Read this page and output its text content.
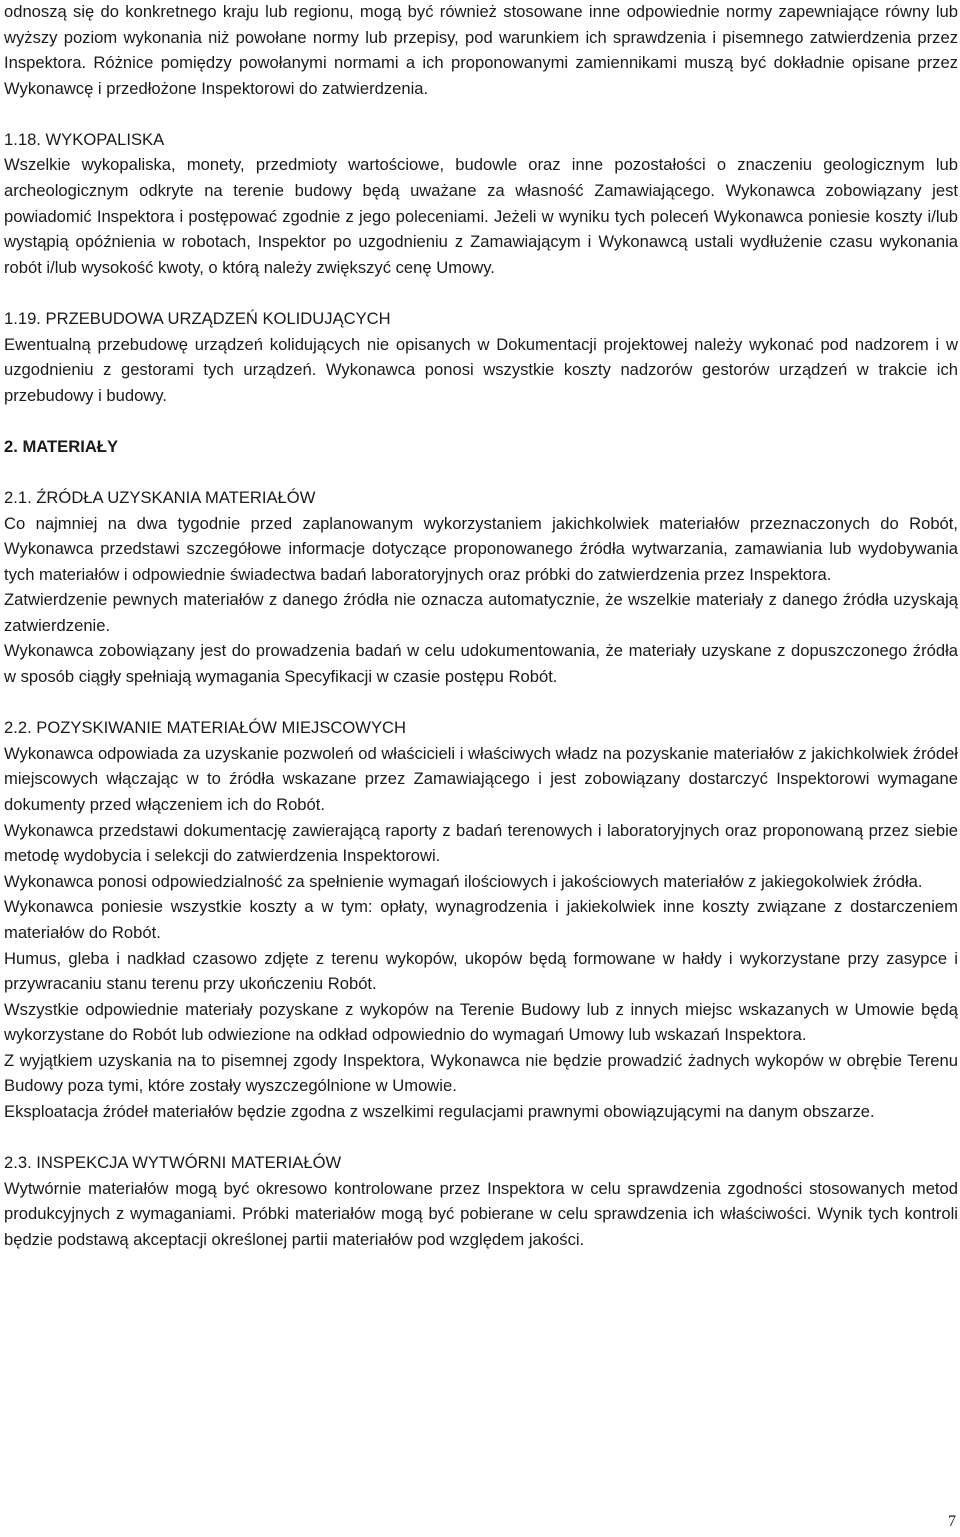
odnoszą się do konkretnego kraju lub regionu, mogą być również stosowane inne odpowiednie normy zapewniające równy lub wyższy poziom wykonania niż powołane normy lub przepisy, pod warunkiem ich sprawdzenia i pisemnego zatwierdzenia przez Inspektora. Różnice pomiędzy powołanymi normami a ich proponowanymi zamiennikami muszą być dokładnie opisane przez Wykonawcę i przedłożone Inspektorowi do zatwierdzenia.

1.18. WYKOPALISKA

Wszelkie wykopaliska, monety, przedmioty wartościowe, budowle oraz inne pozostałości o znaczeniu geologicznym lub archeologicznym odkryte na terenie budowy będą uważane za własność Zamawiającego. Wykonawca zobowiązany jest powiadomić Inspektora i postępować zgodnie z jego poleceniami. Jeżeli w wyniku tych poleceń Wykonawca poniesie koszty i/lub wystąpią opóźnienia w robotach, Inspektor po uzgodnieniu z Zamawiającym i Wykonawcą ustali wydłużenie czasu wykonania robót i/lub wysokość kwoty, o którą należy zwiększyć cenę Umowy.

1.19. PRZEBUDOWA URZĄDZEŃ KOLIDUJĄCYCH

Ewentualną przebudowę urządzeń kolidujących nie opisanych w Dokumentacji projektowej należy wykonać pod nadzorem i w uzgodnieniu z gestorami tych urządzeń. Wykonawca ponosi wszystkie koszty nadzorów gestorów urządzeń w trakcie ich przebudowy i budowy.

2. MATERIAŁY
2.1. ŹRÓDŁA UZYSKANIA MATERIAŁÓW

Co najmniej na dwa tygodnie przed zaplanowanym wykorzystaniem jakichkolwiek materiałów przeznaczonych do Robót, Wykonawca przedstawi szczegółowe informacje dotyczące proponowanego źródła wytwarzania, zamawiania lub wydobywania tych materiałów i odpowiednie świadectwa badań laboratoryjnych oraz próbki do zatwierdzenia przez Inspektora.

Zatwierdzenie pewnych materiałów z danego źródła nie oznacza automatycznie, że wszelkie materiały z danego źródła uzyskają zatwierdzenie.

Wykonawca zobowiązany jest do prowadzenia badań w celu udokumentowania, że materiały uzyskane z dopuszczonego źródła w sposób ciągły spełniają wymagania Specyfikacji w czasie postępu Robót.

2.2. POZYSKIWANIE MATERIAŁÓW MIEJSCOWYCH

Wykonawca odpowiada za uzyskanie pozwoleń od właścicieli i właściwych władz na pozyskanie materiałów z jakichkolwiek źródeł miejscowych włączając w to źródła wskazane przez Zamawiającego i jest zobowiązany dostarczyć Inspektorowi wymagane dokumenty przed włączeniem ich do Robót.

Wykonawca przedstawi dokumentację zawierającą raporty z badań terenowych i laboratoryjnych oraz proponowaną przez siebie metodę wydobycia i selekcji do zatwierdzenia Inspektorowi.

Wykonawca ponosi odpowiedzialność za spełnienie wymagań ilościowych i jakościowych materiałów z jakiegokolwiek źródła.

Wykonawca poniesie wszystkie koszty a w tym: opłaty, wynagrodzenia i jakiekolwiek inne koszty związane z dostarczeniem materiałów do Robót.

Humus, gleba i nadkład czasowo zdjęte z terenu wykopów, ukopów będą formowane w hałdy i wykorzystane przy zasypce i przywracaniu stanu terenu przy ukończeniu Robót.

Wszystkie odpowiednie materiały pozyskane z wykopów na Terenie Budowy lub z innych miejsc wskazanych w Umowie będą wykorzystane do Robót lub odwiezione na odkład odpowiednio do wymagań Umowy lub wskazań Inspektora.

Z wyjątkiem uzyskania na to pisemnej zgody Inspektora, Wykonawca nie będzie prowadzić żadnych wykopów w obrębie Terenu Budowy poza tymi, które zostały wyszczególnione w Umowie.

Eksploatacja źródeł materiałów będzie zgodna z wszelkimi regulacjami prawnymi obowiązującymi na danym obszarze.

2.3. INSPEKCJA WYTWÓRNI MATERIAŁÓW

Wytwórnie materiałów mogą być okresowo kontrolowane przez Inspektora w celu sprawdzenia zgodności stosowanych metod produkcyjnych z wymaganiami. Próbki materiałów mogą być pobierane w celu sprawdzenia ich właściwości. Wynik tych kontroli będzie podstawą akceptacji określonej partii materiałów pod względem jakości.

7
